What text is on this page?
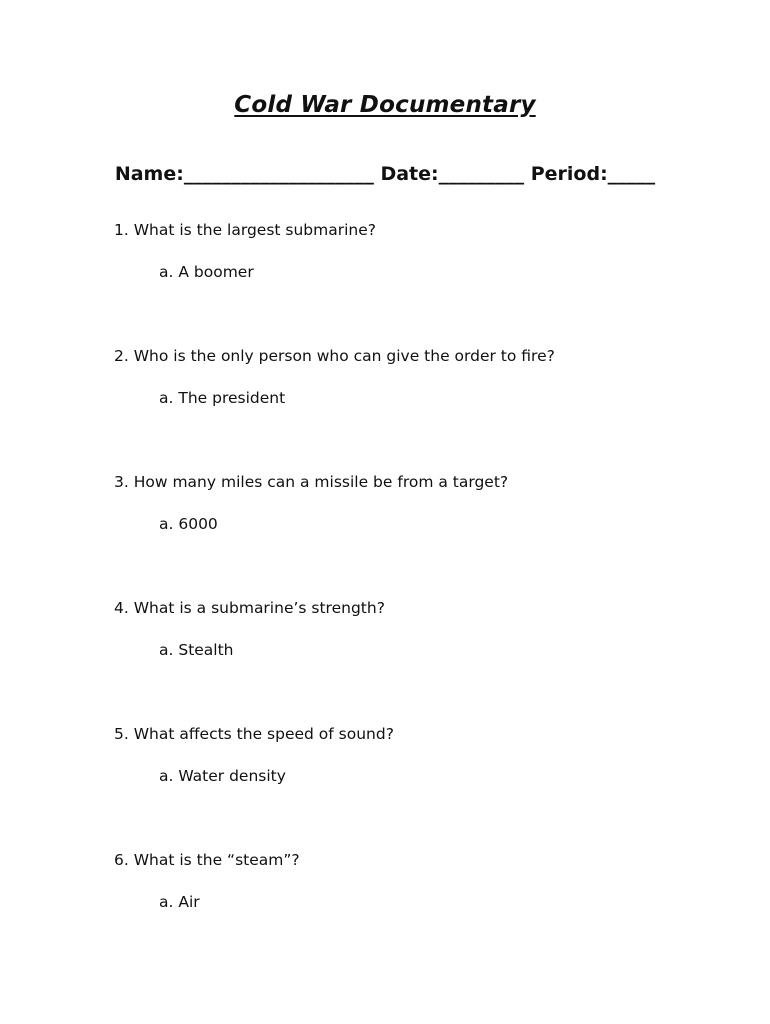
Cold War Documentary
Name:____________________ Date:_________ Period:_____
1. What is the largest submarine?
a. A boomer
2. Who is the only person who can give the order to fire?
a. The president
3. How many miles can a missile be from a target?
a. 6000
4. What is a submarine’s strength?
a. Stealth
5. What affects the speed of sound?
a. Water density
6. What is the “steam”?
a. Air
